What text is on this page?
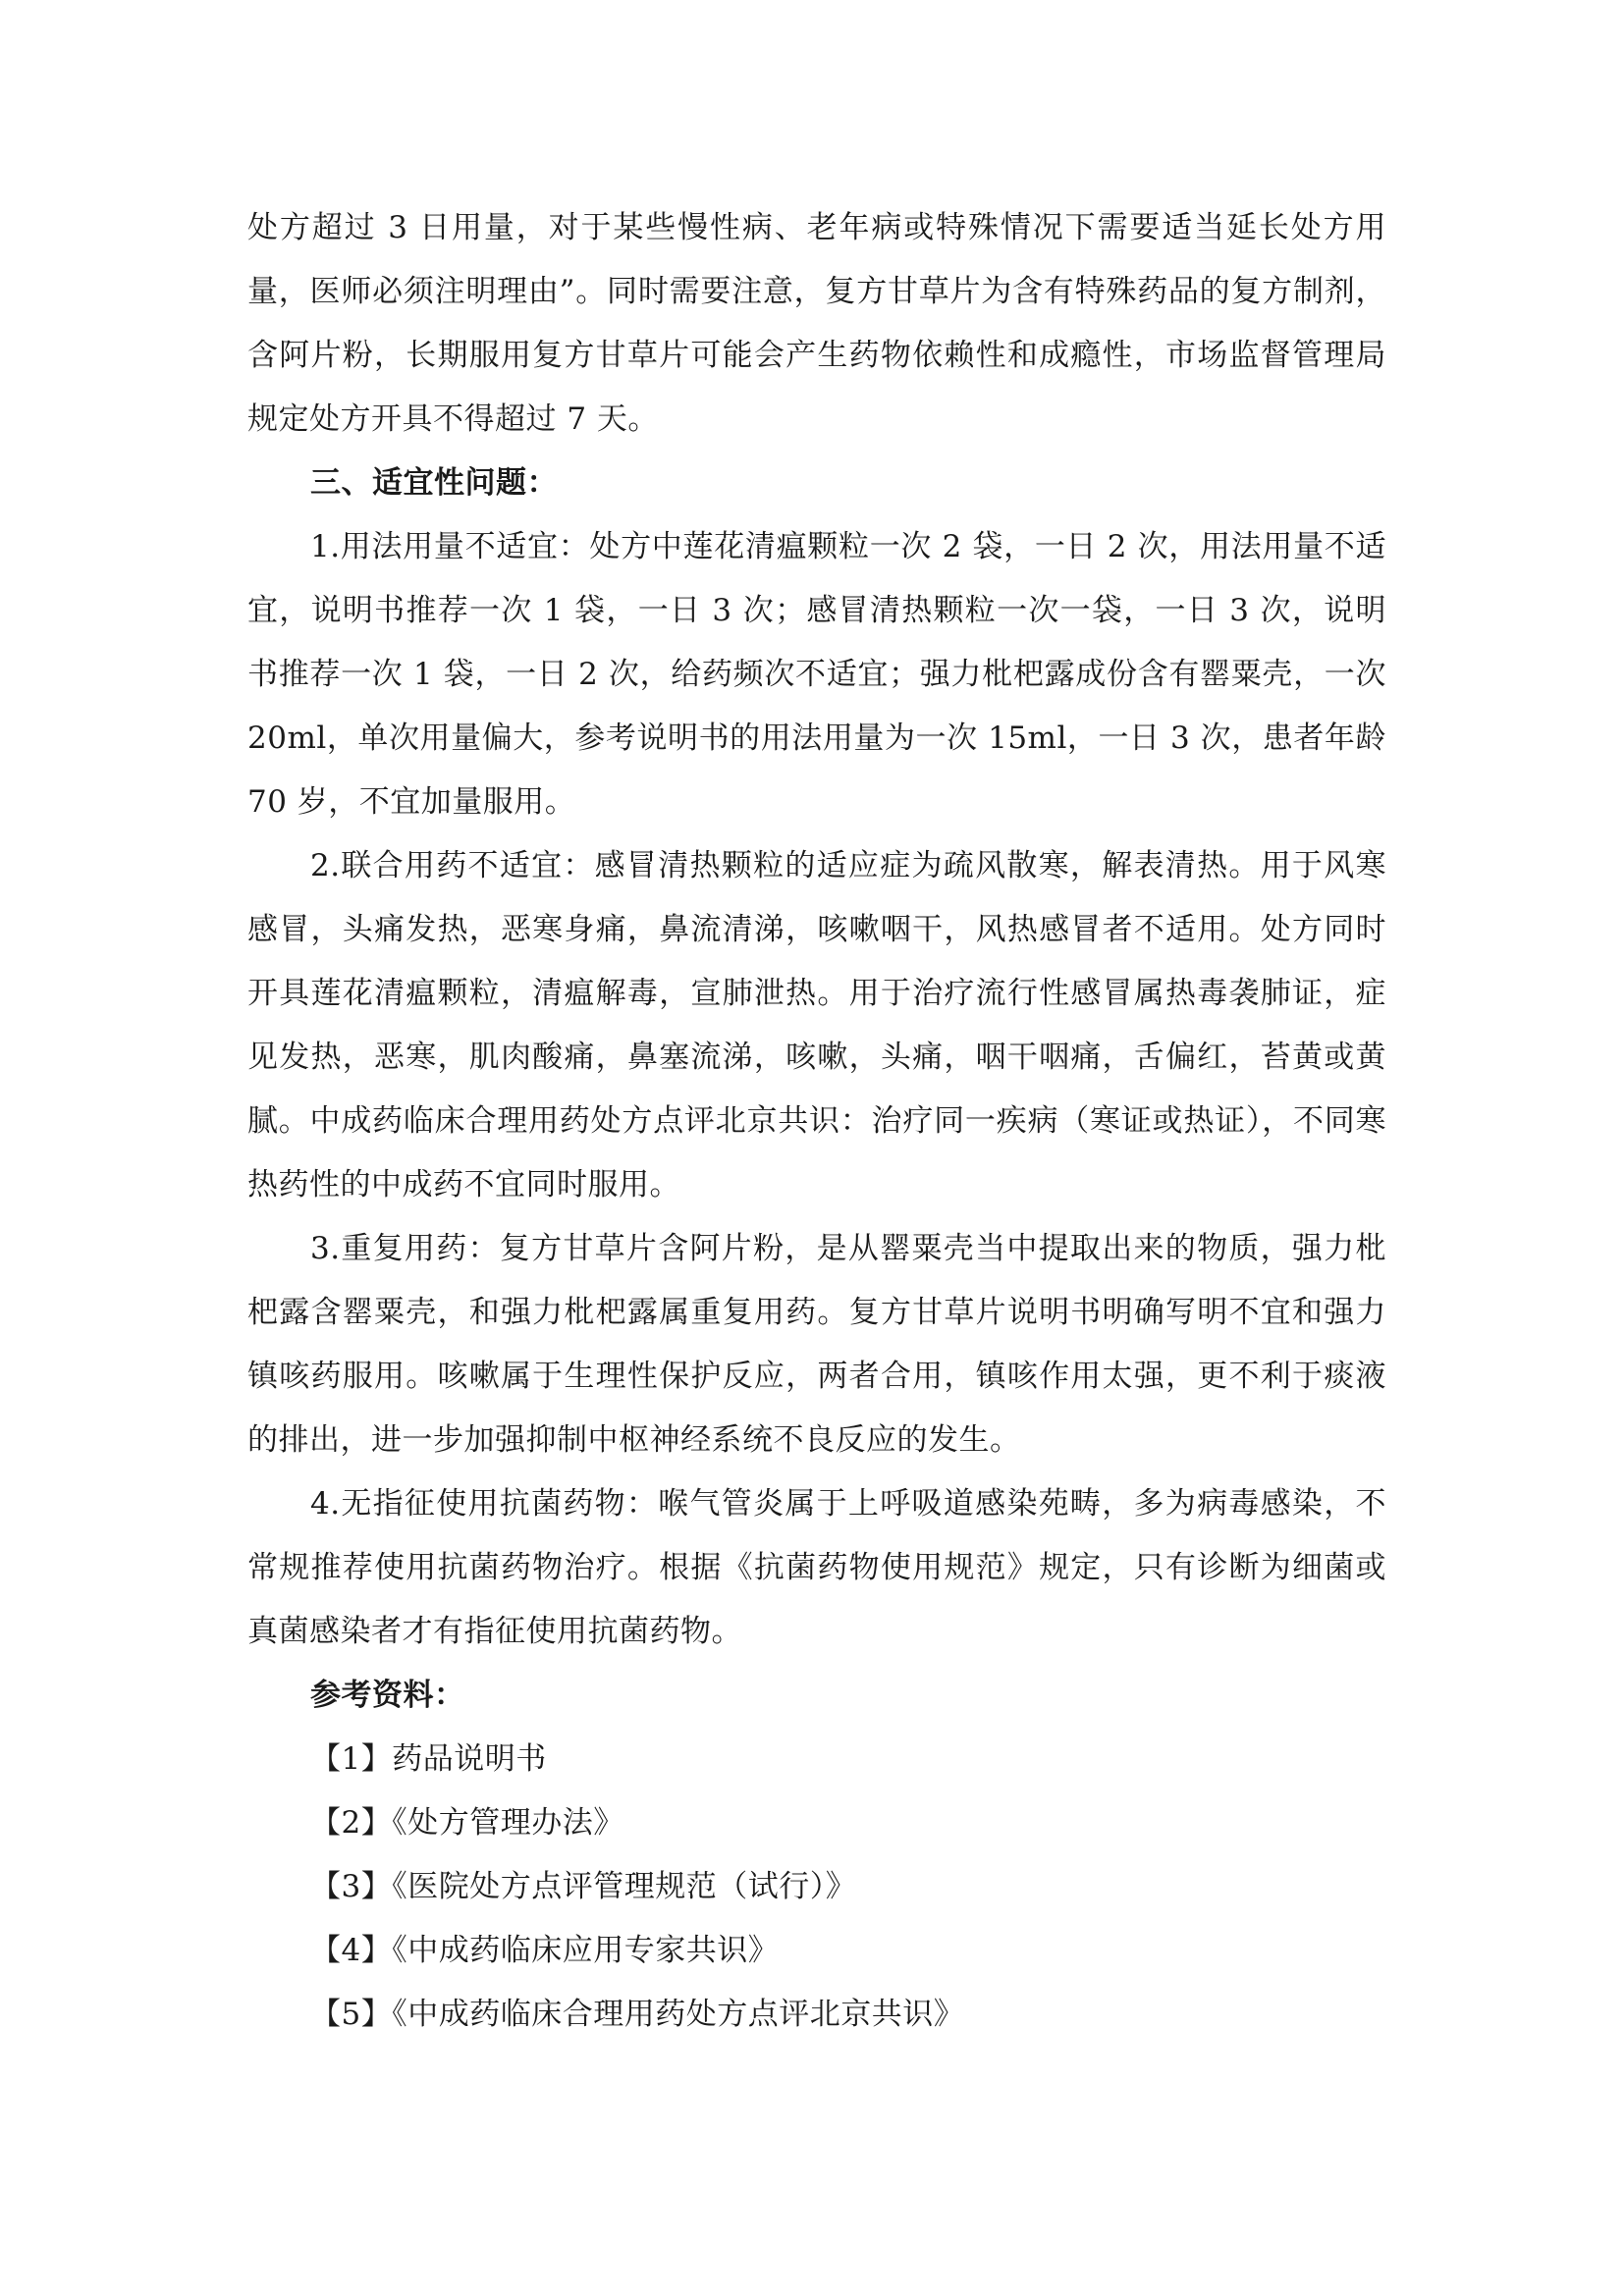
处方超过 3 日用量，对于某些慢性病、老年病或特殊情况下需要适当延长处方用量，医师必须注明理由”。同时需要注意，复方甘草片为含有特殊药品的复方制剂，含阿片粉，长期服用复方甘草片可能会产生药物依赖性和成瘾性，市场监督管理局规定处方开具不得超过 7 天。

三、适宜性问题：

1.用法用量不适宜：处方中莲花清瘟颗粒一次 2 袋，一日 2 次，用法用量不适宜，说明书推荐一次 1 袋，一日 3 次；感冒清热颗粒一次一袋，一日 3 次，说明书推荐一次 1 袋，一日 2 次，给药频次不适宜；强力枇杷露成份含有罂粟壳，一次 20ml，单次用量偏大，参考说明书的用法用量为一次 15ml，一日 3 次，患者年龄 70 岁，不宜加量服用。

2.联合用药不适宜：感冒清热颗粒的适应症为疏风散寒，解表清热。用于风寒感冒，头痛发热，恶寒身痛，鼻流清涕，咳嗽咽干，风热感冒者不适用。处方同时开具莲花清瘟颗粒，清瘟解毒，宣肺泄热。用于治疗流行性感冒属热毒袭肺证，症见发热，恶寒，肌肉酸痛，鼻塞流涕，咳嗽，头痛，咽干咽痛，舌偏红，苔黄或黄腻。中成药临床合理用药处方点评北京共识：治疗同一疾病（寒证或热证），不同寒热药性的中成药不宜同时服用。

3.重复用药：复方甘草片含阿片粉，是从罂粟壳当中提取出来的物质，强力枇杷露含罂粟壳，和强力枇杷露属重复用药。复方甘草片说明书明确写明不宜和强力镇咳药服用。咳嗽属于生理性保护反应，两者合用，镇咳作用太强，更不利于痰液的排出，进一步加强抑制中枢神经系统不良反应的发生。

4.无指征使用抗菌药物：喉气管炎属于上呼吸道感染苑畴，多为病毒感染，不常规推荐使用抗菌药物治疗。根据《抗菌药物使用规范》规定，只有诊断为细菌或真菌感染者才有指征使用抗菌药物。

参考资料：
【1】药品说明书
【2】《处方管理办法》
【3】《医院处方点评管理规范（试行）》
【4】《中成药临床应用专家共识》
【5】《中成药临床合理用药处方点评北京共识》
